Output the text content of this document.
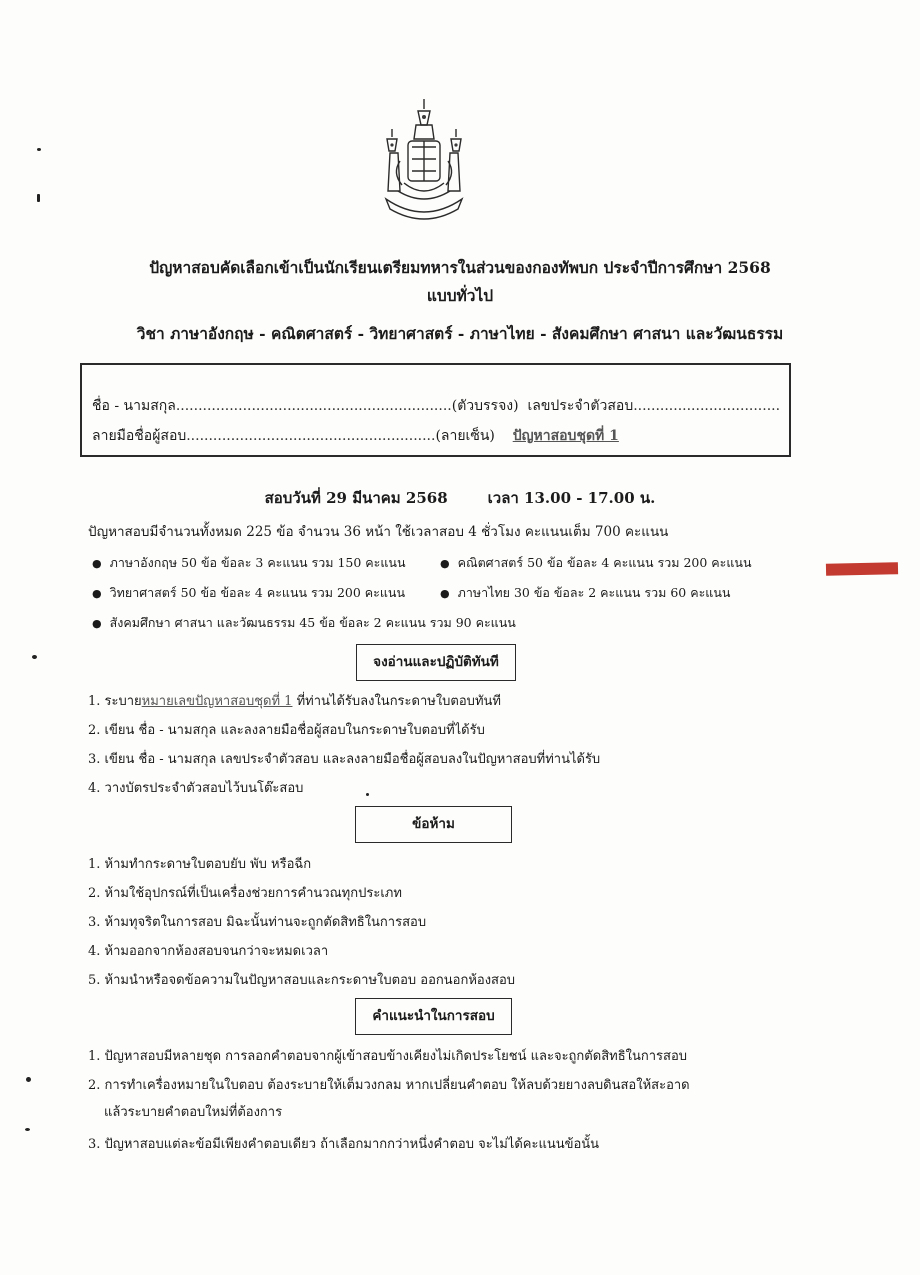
ปัญหาสอบคัดเลือกเข้าเป็นนักเรียนเตรียมทหารในส่วนของกองทัพบก ประจำปีการศึกษา 2568
แบบทั่วไป
วิชา ภาษาอังกฤษ - คณิตศาสตร์ - วิทยาศาสตร์ - ภาษาไทย - สังคมศึกษา ศาสนา และวัฒนธรรม
ชื่อ - นามสกุล..............................................................(ตัวบรรจง) เลขประจำตัวสอบ.................................
ลายมือชื่อผู้สอบ........................................................(ลายเซ็น) ปัญหาสอบชุดที่ 1
สอบวันที่ 29 มีนาคม 2568	เวลา 13.00 - 17.00 น.
ปัญหาสอบมีจำนวนทั้งหมด 225 ข้อ จำนวน 36 หน้า ใช้เวลาสอบ 4 ชั่วโมง คะแนนเต็ม 700 คะแนน
● ภาษาอังกฤษ 50 ข้อ ข้อละ 3 คะแนน รวม 150 คะแนน	● คณิตศาสตร์ 50 ข้อ ข้อละ 4 คะแนน รวม 200 คะแนน
● วิทยาศาสตร์ 50 ข้อ ข้อละ 4 คะแนน รวม 200 คะแนน	● ภาษาไทย 30 ข้อ ข้อละ 2 คะแนน รวม 60 คะแนน
● สังคมศึกษา ศาสนา และวัฒนธรรม 45 ข้อ ข้อละ 2 คะแนน รวม 90 คะแนน
จงอ่านและปฏิบัติทันที
1. ระบายหมายเลขปัญหาสอบชุดที่ 1 ที่ท่านได้รับลงในกระดาษใบตอบทันที
2. เขียน ชื่อ - นามสกุล และลงลายมือชื่อผู้สอบในกระดาษใบตอบที่ได้รับ
3. เขียน ชื่อ - นามสกุล เลขประจำตัวสอบ และลงลายมือชื่อผู้สอบลงในปัญหาสอบที่ท่านได้รับ
4. วางบัตรประจำตัวสอบไว้บนโต๊ะสอบ
ข้อห้าม
1. ห้ามทำกระดาษใบตอบยับ พับ หรือฉีก
2. ห้ามใช้อุปกรณ์ที่เป็นเครื่องช่วยการคำนวณทุกประเภท
3. ห้ามทุจริตในการสอบ มิฉะนั้นท่านจะถูกตัดสิทธิในการสอบ
4. ห้ามออกจากห้องสอบจนกว่าจะหมดเวลา
5. ห้ามนำหรือจดข้อความในปัญหาสอบและกระดาษใบตอบ ออกนอกห้องสอบ
คำแนะนำในการสอบ
1. ปัญหาสอบมีหลายชุด การลอกคำตอบจากผู้เข้าสอบข้างเคียงไม่เกิดประโยชน์ และจะถูกตัดสิทธิในการสอบ
2. การทำเครื่องหมายในใบตอบ ต้องระบายให้เต็มวงกลม หากเปลี่ยนคำตอบ ให้ลบด้วยยางลบดินสอให้สะอาด
แล้วระบายคำตอบใหม่ที่ต้องการ
3. ปัญหาสอบแต่ละข้อมีเพียงคำตอบเดียว ถ้าเลือกมากกว่าหนึ่งคำตอบ จะไม่ได้คะแนนข้อนั้น
